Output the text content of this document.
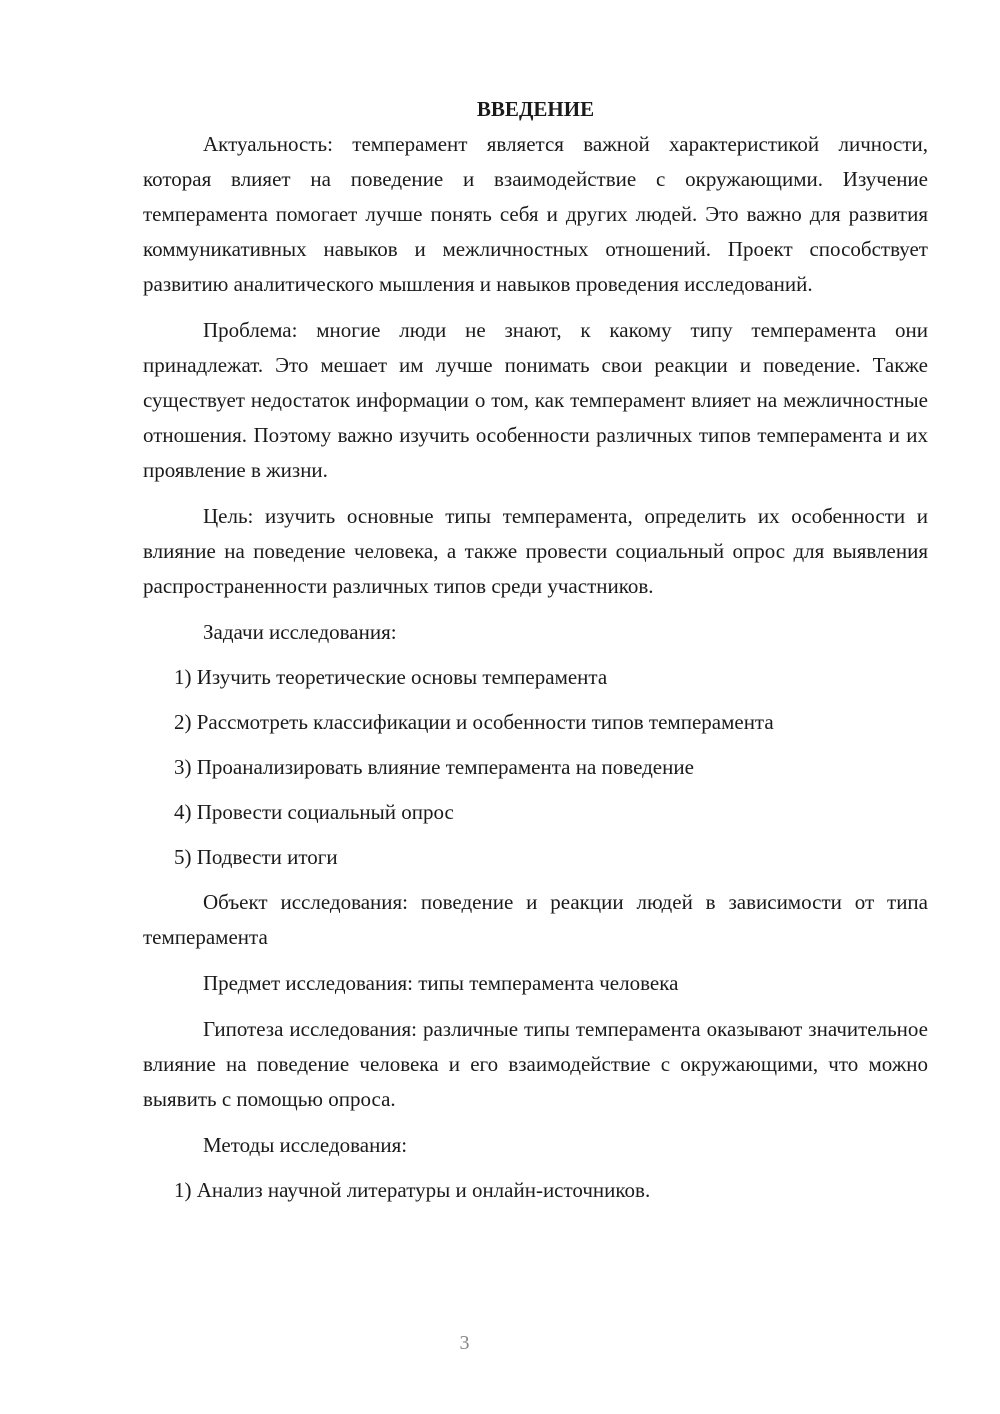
ВВЕДЕНИЕ

Актуальность: темперамент является важной характеристикой личности, которая влияет на поведение и взаимодействие с окружающими. Изучение темперамента помогает лучше понять себя и других людей. Это важно для развития коммуникативных навыков и межличностных отношений. Проект способствует развитию аналитического мышления и навыков проведения исследований.

Проблема: многие люди не знают, к какому типу темперамента они принадлежат. Это мешает им лучше понимать свои реакции и поведение. Также существует недостаток информации о том, как темперамент влияет на межличностные отношения. Поэтому важно изучить особенности различных типов темперамента и их проявление в жизни.

Цель: изучить основные типы темперамента, определить их особенности и влияние на поведение человека, а также провести социальный опрос для выявления распространенности различных типов среди участников.

Задачи исследования:
1) Изучить теоретические основы темперамента
2) Рассмотреть классификации и особенности типов темперамента
3) Проанализировать влияние темперамента на поведение
4) Провести социальный опрос
5) Подвести итоги

Объект исследования: поведение и реакции людей в зависимости от типа темперамента

Предмет исследования: типы темперамента человека

Гипотеза исследования: различные типы темперамента оказывают значительное влияние на поведение человека и его взаимодействие с окружающими, что можно выявить с помощью опроса.

Методы исследования:
1) Анализ научной литературы и онлайн-источников.
3
